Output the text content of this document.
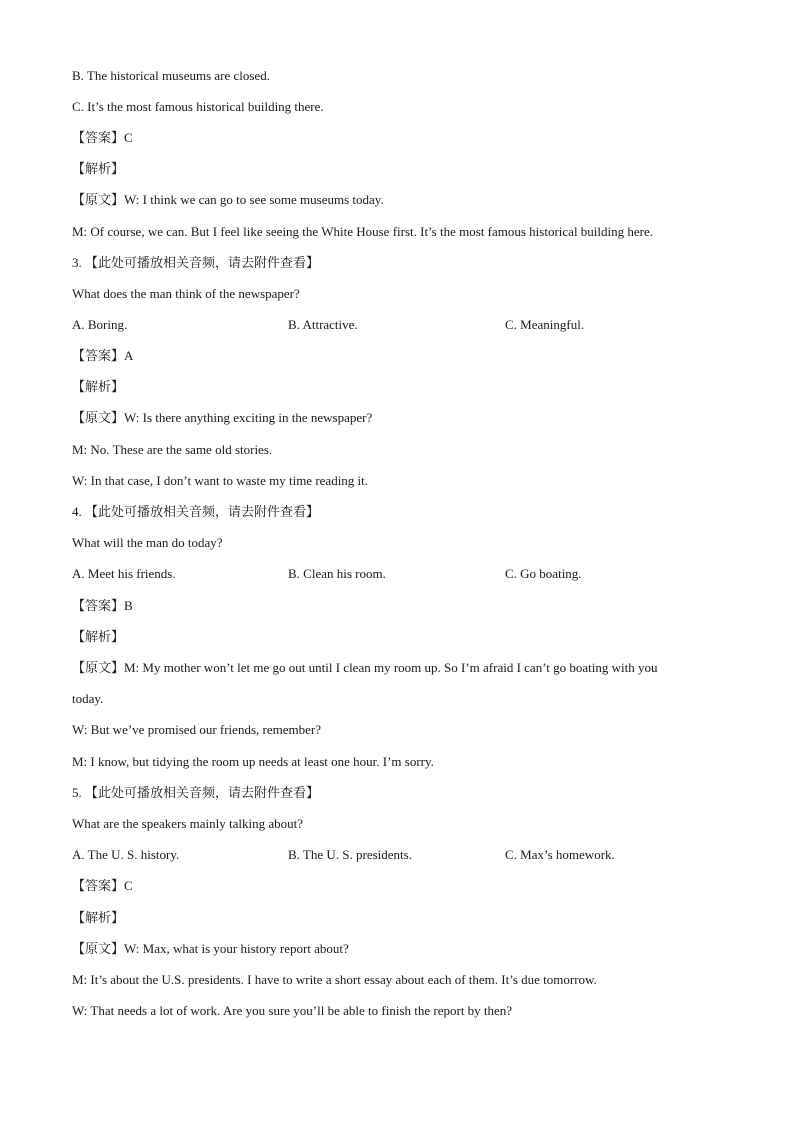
B. The historical museums are closed.
C. It’s the most famous historical building there.
【答案】C
【解析】
【原文】W: I think we can go to see some museums today.
M: Of course, we can. But I feel like seeing the White House first. It’s the most famous historical building here.
3. 【此处可播放相关音频，请去附件查看】
What does the man think of the newspaper?
A. Boring.	B. Attractive.	C. Meaningful.
【答案】A
【解析】
【原文】W: Is there anything exciting in the newspaper?
M: No. These are the same old stories.
W: In that case, I don’t want to waste my time reading it.
4. 【此处可播放相关音频，请去附件查看】
What will the man do today?
A. Meet his friends.	B. Clean his room.	C. Go boating.
【答案】B
【解析】
【原文】M: My mother won’t let me go out until I clean my room up. So I’m afraid I can’t go boating with you
today.
W: But we’ve promised our friends, remember?
M: I know, but tidying the room up needs at least one hour. I’m sorry.
5. 【此处可播放相关音频，请去附件查看】
What are the speakers mainly talking about?
A. The U. S. history.	B. The U. S. presidents.	C. Max’s homework.
【答案】C
【解析】
【原文】W: Max, what is your history report about?
M: It’s about the U.S. presidents. I have to write a short essay about each of them. It’s due tomorrow.
W: That needs a lot of work. Are you sure you’ll be able to finish the report by then?
